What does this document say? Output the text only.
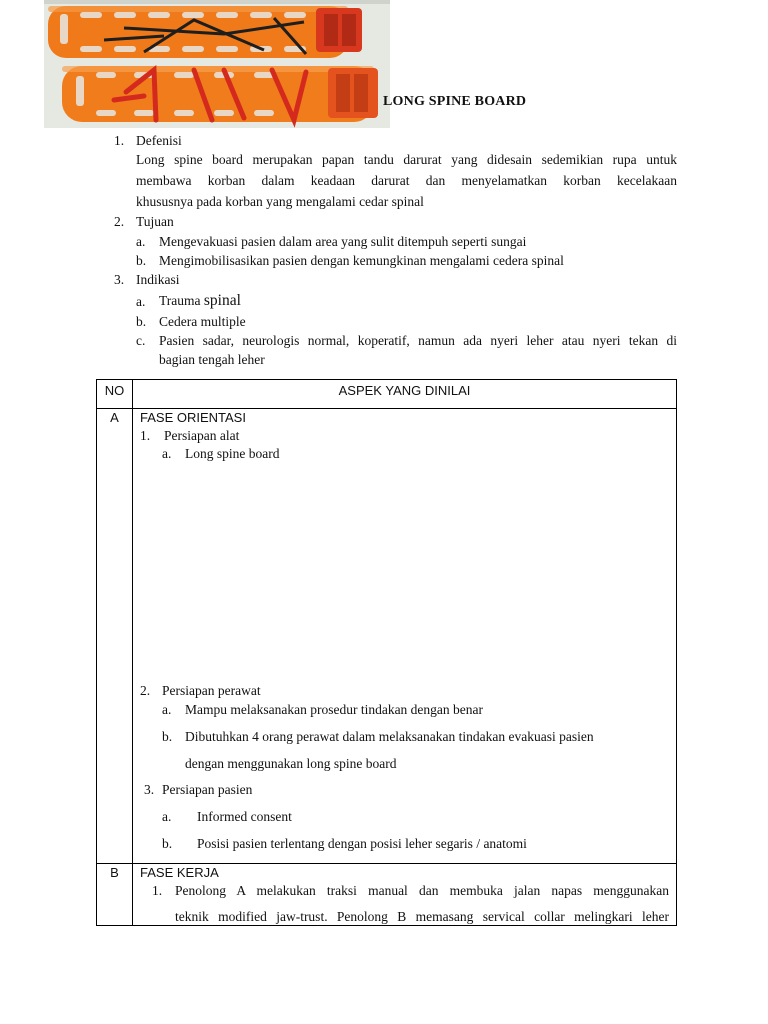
LONG SPINE BOARD
1. Defenisi
Long spine board merupakan papan tandu darurat yang didesain sedemikian rupa untuk
membawa korban dalam keadaan darurat dan menyelamatkan korban kecelakaan
khususnya pada korban yang mengalami cedar spinal
2. Tujuan
a. Mengevakuasi pasien dalam area yang sulit ditempuh seperti sungai
b. Mengimobilisasikan pasien dengan kemungkinan mengalami cedera spinal
3. Indikasi
a. Trauma spinal
b. Cedera multiple
c. Pasien sadar, neurologis normal, koperatif, namun ada nyeri leher atau nyeri tekan di
bagian tengah leher
NO	ASPEK YANG DINILAI
A	FASE ORIENTASI
1. Persiapan alat
a. Long spine board
2. Persiapan perawat
a. Mampu melaksanakan prosedur tindakan dengan benar
b. Dibutuhkan 4 orang perawat dalam melaksanakan tindakan evakuasi pasien
dengan menggunakan long spine board
3. Persiapan pasien
a. Informed consent
b. Posisi pasien terlentang dengan posisi leher segaris / anatomi
B	FASE KERJA
1. Penolong A melakukan traksi manual dan membuka jalan napas menggunakan
teknik modified jaw-trust. Penolong B memasang servical collar melingkari leher
